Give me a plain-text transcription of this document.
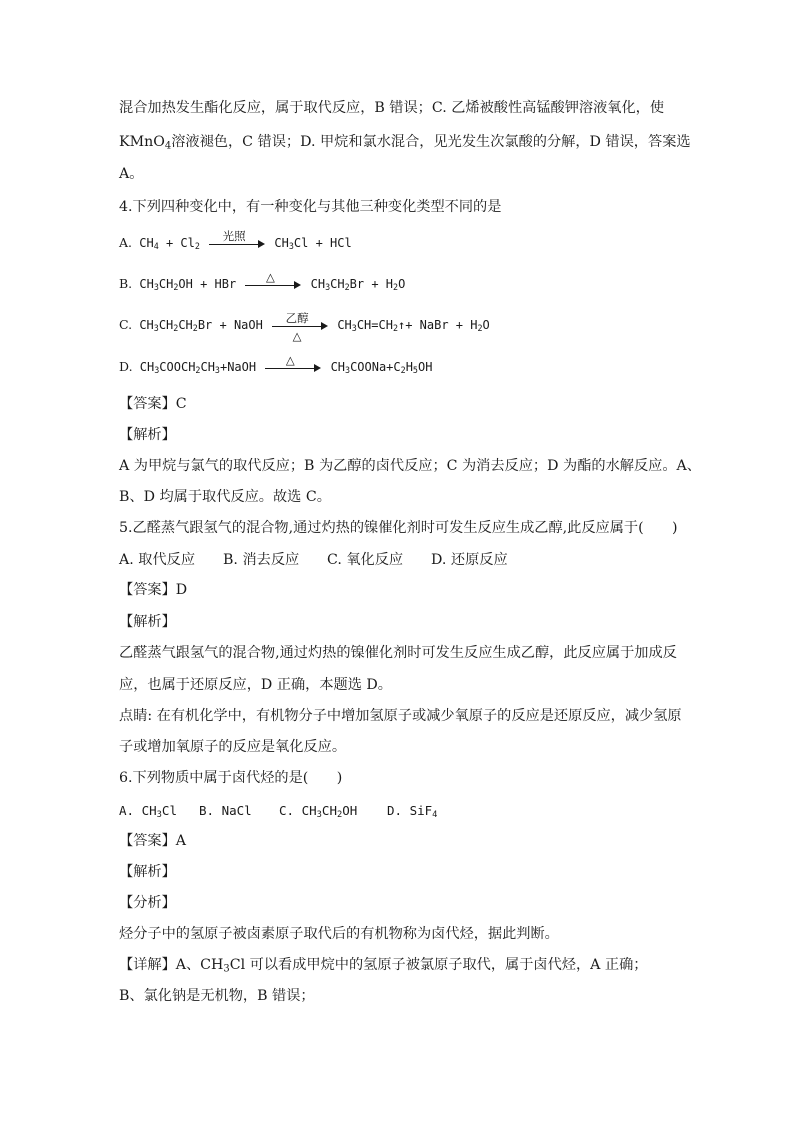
混合加热发生酯化反应，属于取代反应，B 错误；C. 乙烯被酸性高锰酸钾溶液氧化，使
KMnO$_4$溶液褪色，C 错误；D. 甲烷和氯水混合，见光发生次氯酸的分解，D 错误，答案选
A。
4.下列四种变化中，有一种变化与其他三种变化类型不同的是
A. $CH_4 + Cl_2$
光照
$CH_3Cl$ + HCl
B. $CH_3CH_2OH$ + HBr
△
$CH_3CH_2Br + H_2O$
C. $CH_3CH_2CH_2Br$ + NaOH
乙醇
△
$CH_3CH=CH_2↑+$ NaBr + $H_2O$
D. $CH_3COOCH_2CH_3+NaOH$
△
$CH_3COONa+C_2H_5OH$
【答案】C
【解析】
A 为甲烷与氯气的取代反应；B 为乙醇的卤代反应；C 为消去反应；D 为酯的水解反应。A、
B、D 均属于取代反应。故选 C。
5.乙醛蒸气跟氢气的混合物,通过灼热的镍催化剂时可发生反应生成乙醇,此反应属于(　　)
A. 取代反应 B. 消去反应 C. 氧化反应 D. 还原反应
【答案】D
【解析】
乙醛蒸气跟氢气的混合物,通过灼热的镍催化剂时可发生反应生成乙醇，此反应属于加成反
应，也属于还原反应，D 正确，本题选 D。
点睛: 在有机化学中，有机物分子中增加氢原子或减少氧原子的反应是还原反应，减少氢原
子或增加氧原子的反应是氧化反应。
6.下列物质中属于卤代烃的是(　　)
A. $CH_3Cl$ B. NaCl C. $CH_3CH_2OH$ D. SiF$_4$
【答案】A
【解析】
【分析】
烃分子中的氢原子被卤素原子取代后的有机物称为卤代烃，据此判断。
【详解】A、$CH_3Cl$ 可以看成甲烷中的氢原子被氯原子取代，属于卤代烃，A 正确；
B、氯化钠是无机物，B 错误；
